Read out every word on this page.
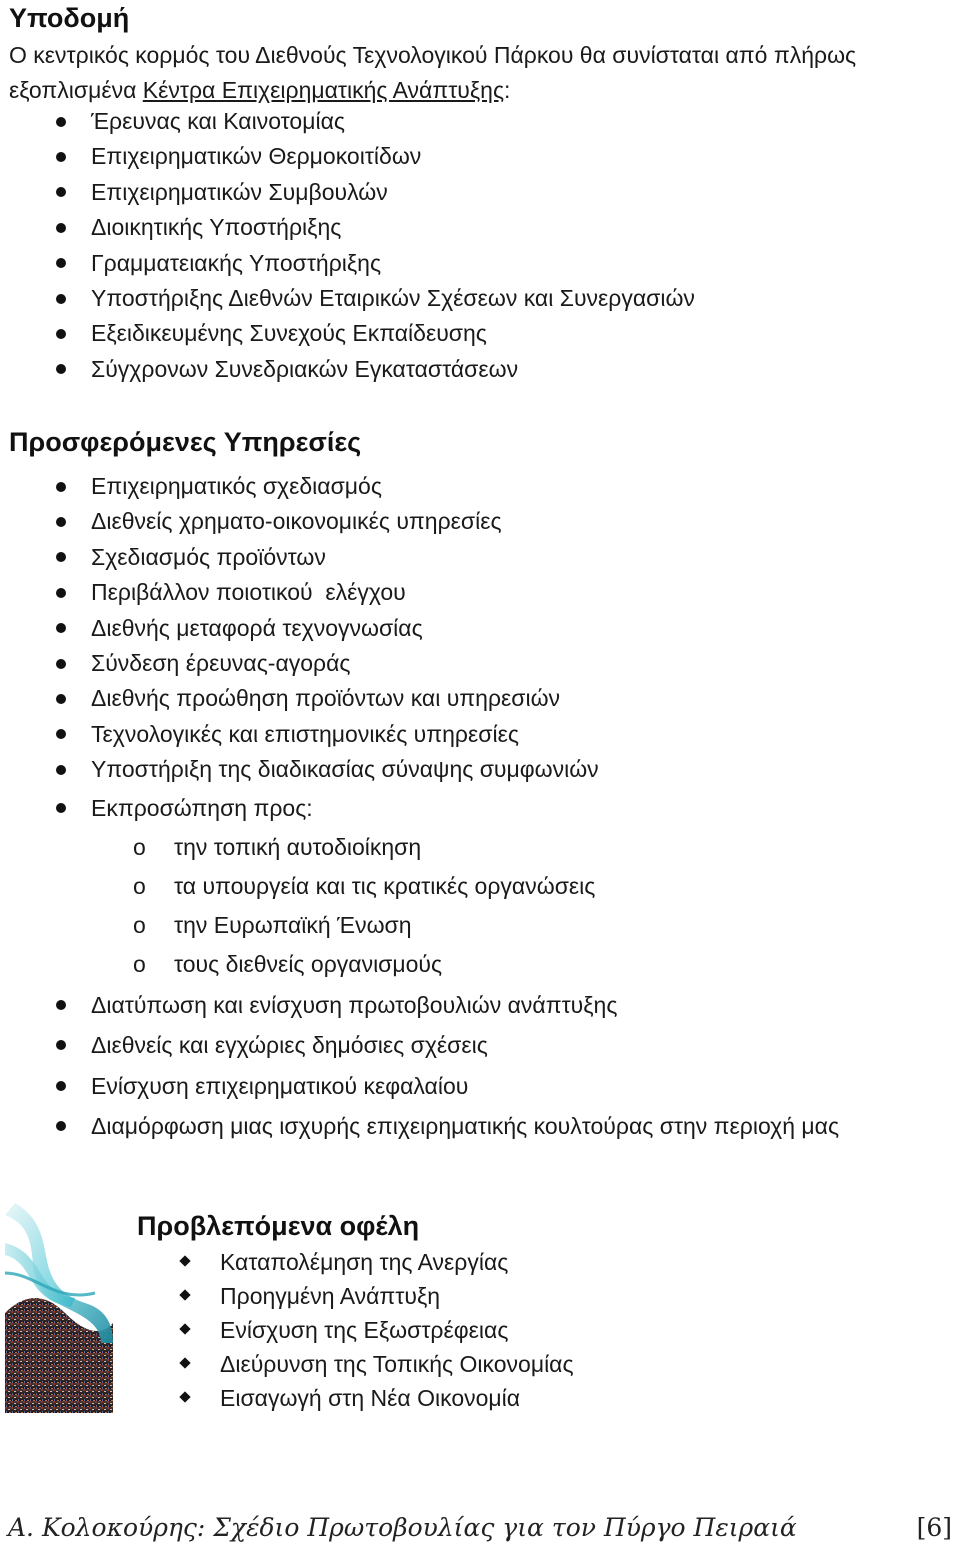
Υποδομή

Ο κεντρικός κορμός του Διεθνούς Τεχνολογικού Πάρκου θα συνίσταται από πλήρως εξοπλισμένα Κέντρα Επιχειρηματικής Ανάπτυξης:

Έρευνας και Καινοτομίας
Επιχειρηματικών Θερμοκοιτίδων
Επιχειρηματικών Συμβουλών
Διοικητικής Υποστήριξης
Γραμματειακής Υποστήριξης
Υποστήριξης Διεθνών Εταιρικών Σχέσεων και Συνεργασιών
Εξειδικευμένης Συνεχούς Εκπαίδευσης
Σύγχρονων Συνεδριακών Εγκαταστάσεων
Προσφερόμενες Υπηρεσίες
Επιχειρηματικός σχεδιασμός
Διεθνείς χρηματο-οικονομικές υπηρεσίες
Σχεδιασμός προϊόντων
Περιβάλλον ποιοτικού  ελέγχου
Διεθνής μεταφορά τεχνογνωσίας
Σύνδεση έρευνας-αγοράς
Διεθνής προώθηση προϊόντων και υπηρεσιών
Τεχνολογικές και επιστημονικές υπηρεσίες
Υποστήριξη της διαδικασίας σύναψης συμφωνιών
Εκπροσώπηση προς:
o την τοπική αυτοδιοίκηση
o τα υπουργεία και τις κρατικές οργανώσεις
o την Ευρωπαϊκή Ένωση
o τους διεθνείς οργανισμούς
Διατύπωση και ενίσχυση πρωτοβουλιών ανάπτυξης
Διεθνείς και εγχώριες δημόσιες σχέσεις
Ενίσχυση επιχειρηματικού κεφαλαίου
Διαμόρφωση μιας ισχυρής επιχειρηματικής κουλτούρας στην περιοχή μας
Προβλεπόμενα οφέλη
Καταπολέμηση της Ανεργίας
Προηγμένη Ανάπτυξη
Ενίσχυση της Εξωστρέφειας
Διεύρυνση της Τοπικής Οικονομίας
Εισαγωγή στη Νέα Οικονομία
Α. Κολοκούρης: Σχέδιο Πρωτοβουλίας για τον Πύργο Πειραιά	[6]
